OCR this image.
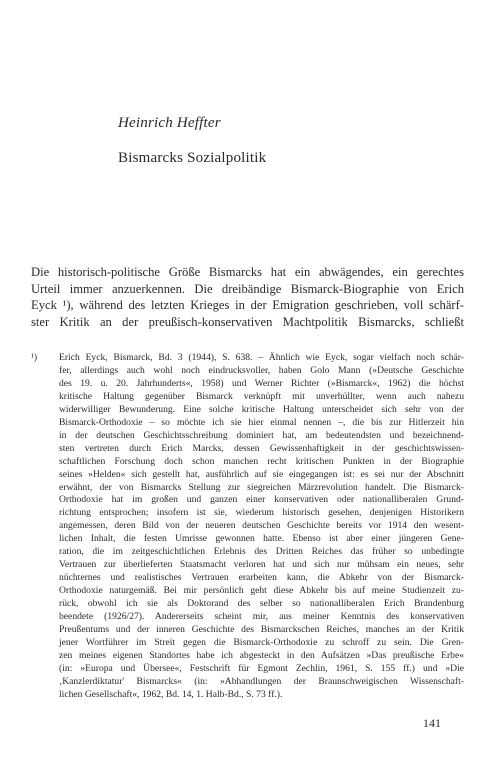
Heinrich Heffter
Bismarcks Sozialpolitik
Die historisch-politische Größe Bismarcks hat ein abwägendes, ein gerechtes
Urteil immer anzuerkennen. Die dreibändige Bismarck-Biographie von Erich
Eyck ¹), während des letzten Krieges in der Emigration geschrieben, voll schärf-
ster Kritik an der preußisch-konservativen Machtpolitik Bismarcks, schließt
¹) Erich Eyck, Bismarck, Bd. 3 (1944), S. 638. – Ähnlich wie Eyck, sogar vielfach noch schär-
fer, allerdings auch wohl noch eindrucksvoller, haben Golo Mann (»Deutsche Geschichte
des 19. u. 20. Jahrhunderts«, 1958) und Werner Richter (»Bismarck«, 1962) die höchst
kritische Haltung gegenüber Bismarck verknüpft mit unverhüllter, wenn auch nahezu
widerwilliger Bewunderung. Eine solche kritische Haltung unterscheidet sich sehr von der
Bismarck-Orthodoxie – so möchte ich sie hier einmal nennen –, die bis zur Hitlerzeit hin
in der deutschen Geschichtsschreibung dominiert hat, am bedeutendsten und bezeichnend-
sten vertreten durch Erich Marcks, dessen Gewissenhaftigkeit in der geschichtswissen-
schaftlichen Forschung doch schon manchen recht kritischen Punkten in der Biographie
seines »Helden« sich gestellt hat, ausführlich auf sie eingegangen ist: es sei nur der Abschnitt
erwähnt, der von Bismarcks Stellung zur siegreichen Märzrevolution handelt. Die Bismarck-
Orthodoxie hat im großen und ganzen einer konservativen oder nationalliberalen Grund-
richtung entsprochen; insofern ist sie, wiederum historisch gesehen, denjenigen Historikern
angemessen, deren Bild von der neueren deutschen Geschichte bereits vor 1914 den wesent-
lichen Inhalt, die festen Umrisse gewonnen hatte. Ebenso ist aber einer jüngeren Gene-
ration, die im zeitgeschichtlichen Erlebnis des Dritten Reiches das früher so unbedingte
Vertrauen zur überlieferten Staatsmacht verloren hat und sich nur mühsam ein neues, sehr
nüchternes und realistisches Vertrauen erarbeiten kann, die Abkehr von der Bismarck-
Orthodoxie naturgemäß. Bei mir persönlich geht diese Abkehr bis auf meine Studienzeit zu-
rück, obwohl ich sie als Doktorand des selber so nationalliberalen Erich Brandenburg
beendete (1926/27). Andererseits scheint mir, aus meiner Kenntnis des konservativen
Preußentums und der inneren Geschichte des Bismarckschen Reiches, manches an der Kritik
jener Wortführer im Streit gegen die Bismarck-Orthodoxie zu schroff zu sein. Die Gren-
zen meines eigenen Standortes habe ich abgesteckt in den Aufsätzen »Das preußische Erbe«
(in: »Europa und Übersee«, Festschrift für Egmont Zechlin, 1961, S. 155 ff.) und »Die
‚Kanzlerdiktatur' Bismarcks« (in: »Abhandlungen der Braunschweigischen Wissenschaft-
lichen Gesellschaft«, 1962, Bd. 14, 1. Halb-Bd., S. 73 ff.).
141
